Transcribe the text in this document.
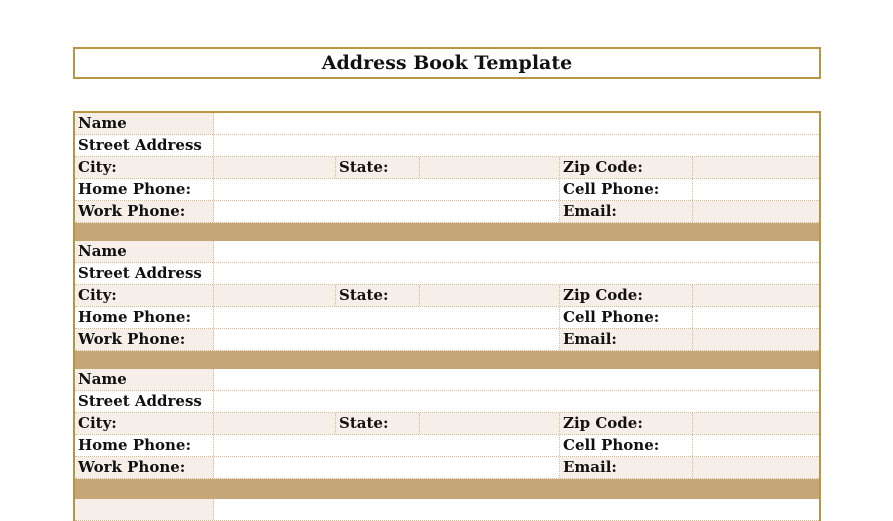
Address Book Template
Name
Street Address
City:	State:	Zip Code:
Home Phone:	Cell Phone:
Work Phone:	Email:
Name
Street Address
City:	State:	Zip Code:
Home Phone:	Cell Phone:
Work Phone:	Email:
Name
Street Address
City:	State:	Zip Code:
Home Phone:	Cell Phone:
Work Phone:	Email:
